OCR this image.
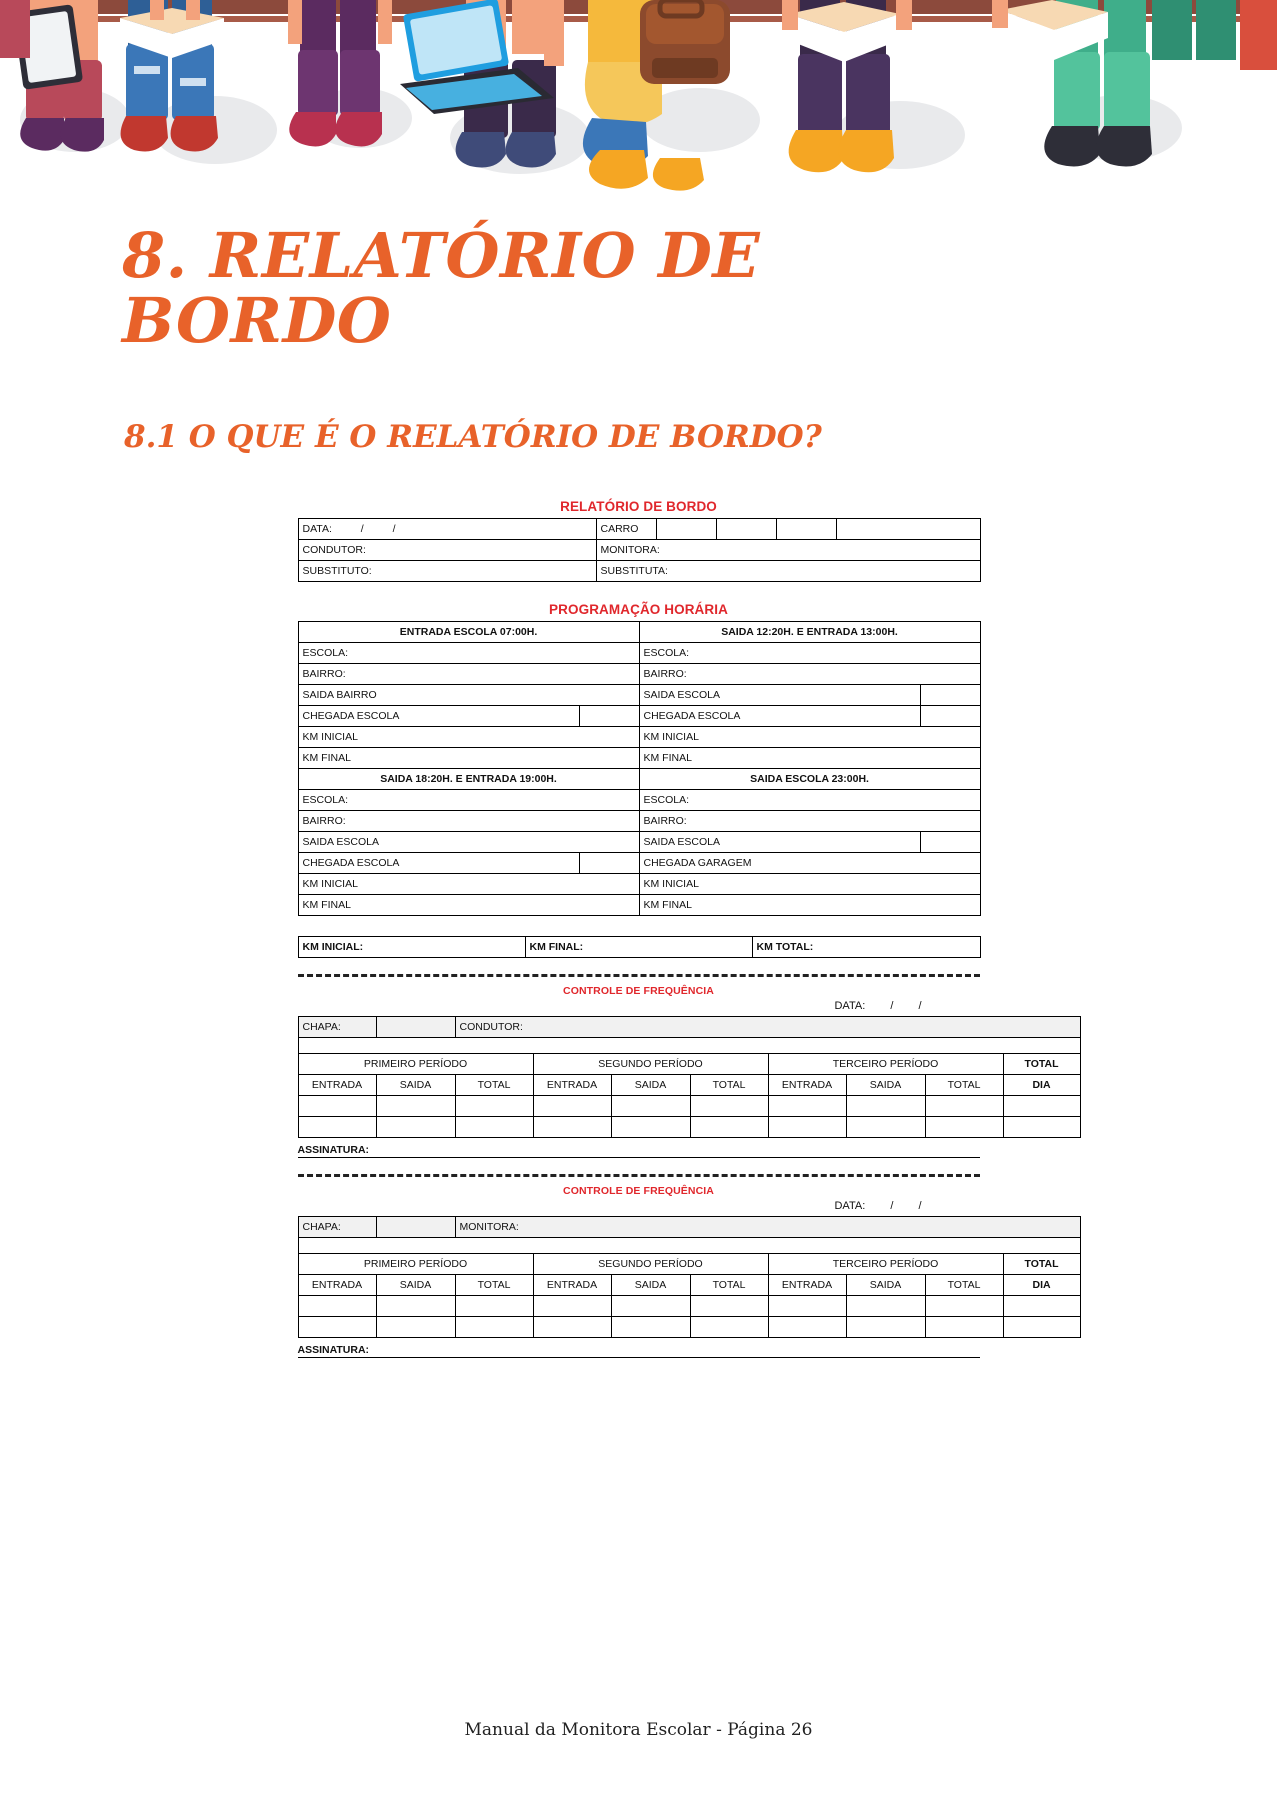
8. RELATÓRIO DE BORDO
8.1 O QUE É O RELATÓRIO DE BORDO?
RELATÓRIO DE BORDO
DATA: / /	CARRO				
CONDUTOR:	MONITORA:				
SUBSTITUTO:	SUBSTITUTA:				
PROGRAMAÇÃO HORÁRIA
ENTRADA ESCOLA 07:00H.		SAIDA 12:20H. E ENTRADA 13:00H.	
ESCOLA:		ESCOLA:	
BAIRRO:		BAIRRO:	
SAIDA BAIRRO		SAIDA ESCOLA	
CHEGADA ESCOLA		CHEGADA ESCOLA	
KM INICIAL		KM INICIAL	
KM FINAL		KM FINAL	
SAIDA 18:20H. E ENTRADA 19:00H.		SAIDA ESCOLA 23:00H.	
ESCOLA:		ESCOLA:	
BAIRRO:		BAIRRO:	
SAIDA ESCOLA		SAIDA ESCOLA	
CHEGADA ESCOLA		CHEGADA GARAGEM	
KM INICIAL		KM INICIAL	
KM FINAL		KM FINAL	
KM INICIAL:	KM FINAL:	KM TOTAL:
CONTROLE DE FREQUÊNCIA
DATA: / /
CHAPA:		CONDUTOR:							

PRIMEIRO PERÍODO			SEGUNDO PERÍODO			TERCEIRO PERÍODO			TOTAL
ENTRADA	SAIDA	TOTAL	ENTRADA	SAIDA	TOTAL	ENTRADA	SAIDA	TOTAL	DIA

ASSINATURA:
CONTROLE DE FREQUÊNCIA
DATA: / /
CHAPA:		MONITORA:							

PRIMEIRO PERÍODO			SEGUNDO PERÍODO			TERCEIRO PERÍODO			TOTAL
ENTRADA	SAIDA	TOTAL	ENTRADA	SAIDA	TOTAL	ENTRADA	SAIDA	TOTAL	DIA

ASSINATURA:
Manual da Monitora Escolar - Página 26
